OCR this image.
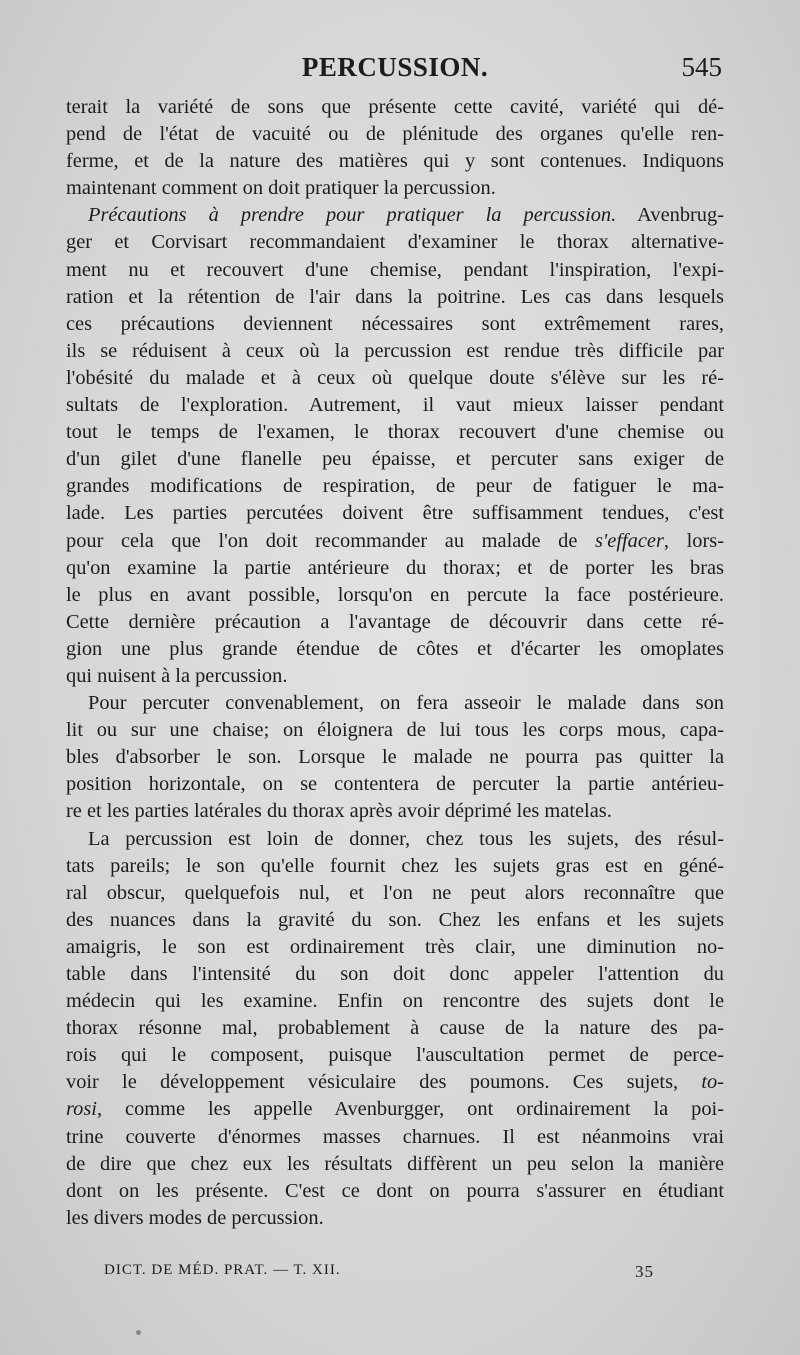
PERCUSSION.	545
terait la variété de sons que présente cette cavité, variété qui dé-
pend de l'état de vacuité ou de plénitude des organes qu'elle ren-
ferme, et de la nature des matières qui y sont contenues. Indiquons
maintenant comment on doit pratiquer la percussion.
Précautions à prendre pour pratiquer la percussion. Avenbrug-
ger et Corvisart recommandaient d'examiner le thorax alternative-
ment nu et recouvert d'une chemise, pendant l'inspiration, l'expi-
ration et la rétention de l'air dans la poitrine. Les cas dans lesquels
ces précautions deviennent nécessaires sont extrêmement rares,
ils se réduisent à ceux où la percussion est rendue très difficile par
l'obésité du malade et à ceux où quelque doute s'élève sur les ré-
sultats de l'exploration. Autrement, il vaut mieux laisser pendant
tout le temps de l'examen, le thorax recouvert d'une chemise ou
d'un gilet d'une flanelle peu épaisse, et percuter sans exiger de
grandes modifications de respiration, de peur de fatiguer le ma-
lade. Les parties percutées doivent être suffisamment tendues, c'est
pour cela que l'on doit recommander au malade de s'effacer, lors-
qu'on examine la partie antérieure du thorax; et de porter les bras
le plus en avant possible, lorsqu'on en percute la face postérieure.
Cette dernière précaution a l'avantage de découvrir dans cette ré-
gion une plus grande étendue de côtes et d'écarter les omoplates
qui nuisent à la percussion.
Pour percuter convenablement, on fera asseoir le malade dans son
lit ou sur une chaise; on éloignera de lui tous les corps mous, capa-
bles d'absorber le son. Lorsque le malade ne pourra pas quitter la
position horizontale, on se contentera de percuter la partie antérieu-
re et les parties latérales du thorax après avoir déprimé les matelas.
La percussion est loin de donner, chez tous les sujets, des résul-
tats pareils; le son qu'elle fournit chez les sujets gras est en géné-
ral obscur, quelquefois nul, et l'on ne peut alors reconnaître que
des nuances dans la gravité du son. Chez les enfans et les sujets
amaigris, le son est ordinairement très clair, une diminution no-
table dans l'intensité du son doit donc appeler l'attention du
médecin qui les examine. Enfin on rencontre des sujets dont le
thorax résonne mal, probablement à cause de la nature des pa-
rois qui le composent, puisque l'auscultation permet de perce-
voir le développement vésiculaire des poumons. Ces sujets, to-
rosi, comme les appelle Avenburgger, ont ordinairement la poi-
trine couverte d'énormes masses charnues. Il est néanmoins vrai
de dire que chez eux les résultats diffèrent un peu selon la manière
dont on les présente. C'est ce dont on pourra s'assurer en étudiant
les divers modes de percussion.
DICT. DE MÉD. PRAT. — T. XII.	35
